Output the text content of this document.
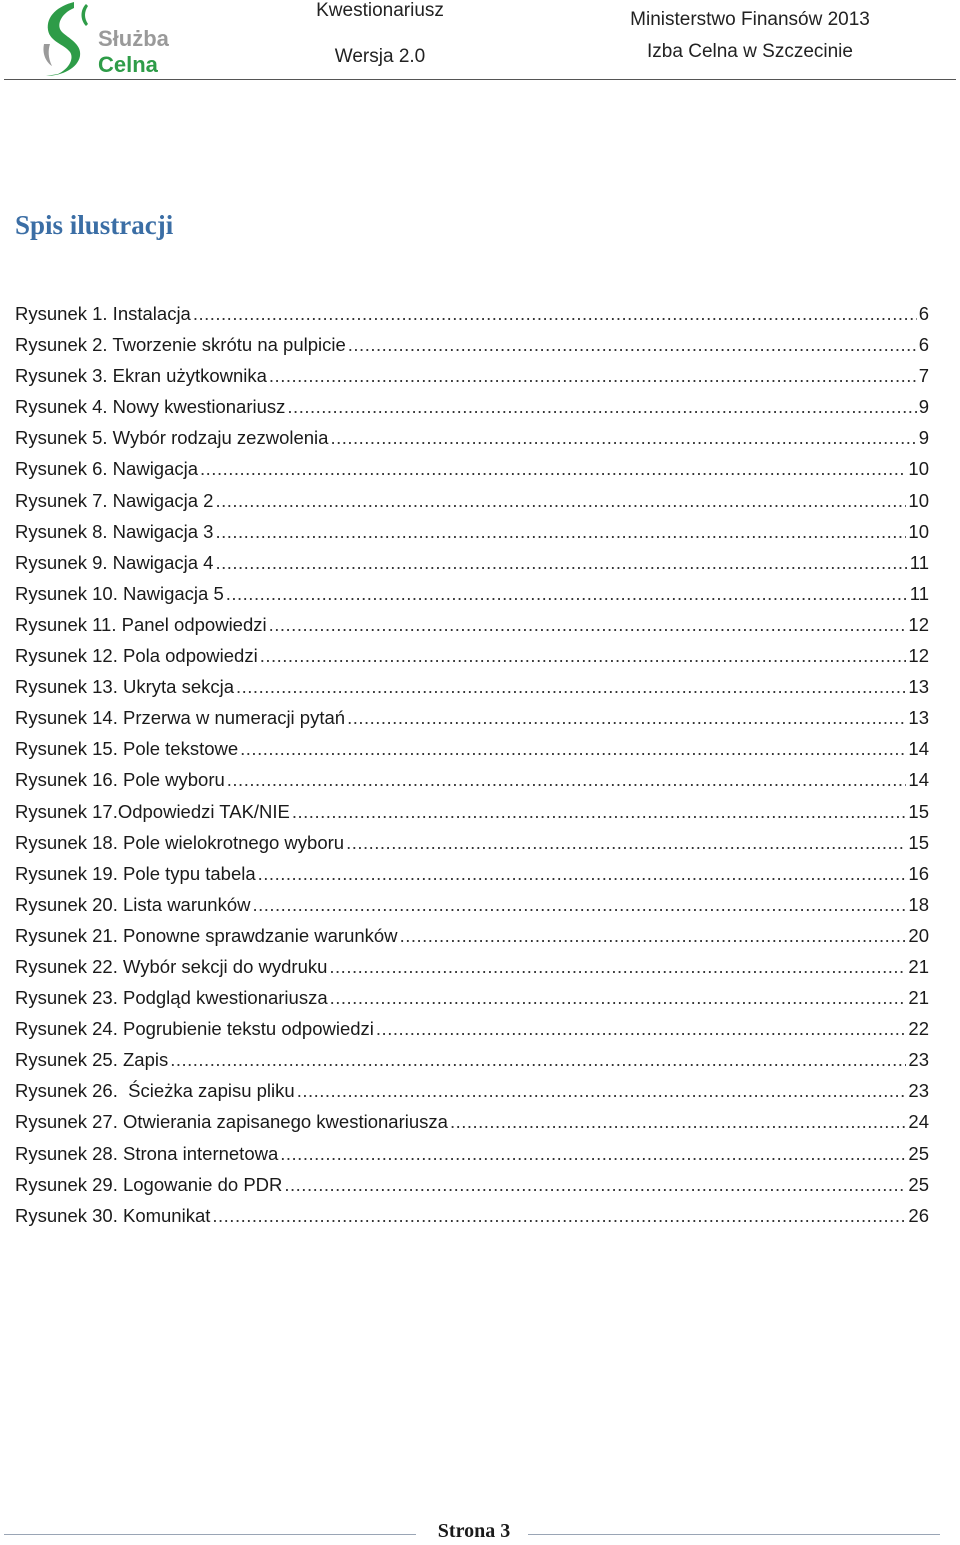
Służba
Celna
Kwestionariusz
Wersja 2.0
Ministerstwo Finansów 2013
Izba Celna w Szczecinie
Spis ilustracji
Rysunek 1. Instalacja .....	6
Rysunek 2. Tworzenie skrótu na pulpicie .....	6
Rysunek 3. Ekran użytkownika .....	7
Rysunek 4. Nowy kwestionariusz .....	9
Rysunek 5. Wybór rodzaju zezwolenia .....	9
Rysunek 6. Nawigacja .....	10
Rysunek 7. Nawigacja 2 .....	10
Rysunek 8. Nawigacja 3 .....	10
Rysunek 9. Nawigacja 4 .....	11
Rysunek 10. Nawigacja 5 .....	11
Rysunek 11. Panel odpowiedzi .....	12
Rysunek 12. Pola odpowiedzi .....	12
Rysunek 13. Ukryta sekcja .....	13
Rysunek 14. Przerwa w numeracji pytań .....	13
Rysunek 15. Pole tekstowe .....	14
Rysunek 16. Pole wyboru .....	14
Rysunek 17.Odpowiedzi TAK/NIE .....	15
Rysunek 18. Pole wielokrotnego wyboru .....	15
Rysunek 19. Pole typu tabela .....	16
Rysunek 20. Lista warunków .....	18
Rysunek 21. Ponowne sprawdzanie warunków .....	20
Rysunek 22. Wybór sekcji do wydruku .....	21
Rysunek 23. Podgląd kwestionariusza .....	21
Rysunek 24. Pogrubienie tekstu odpowiedzi .....	22
Rysunek 25. Zapis .....	23
Rysunek 26.  Ścieżka zapisu pliku .....	23
Rysunek 27. Otwierania zapisanego kwestionariusza .....	24
Rysunek 28. Strona internetowa .....	25
Rysunek 29. Logowanie do PDR .....	25
Rysunek 30. Komunikat .....	26
Strona 3
